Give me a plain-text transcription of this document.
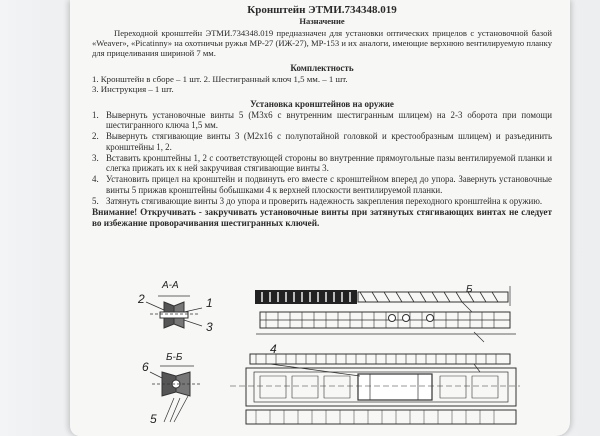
Кронштейн ЭТМИ.734348.019

Назначение

Переходной кронштейн ЭТМИ.734348.019 предназначен для установки оптических прицелов с установочной базой «Weaver», «Picatinny» на охотничьи ружья МР-27 (ИЖ-27), МР-153 и их аналоги, имеющие верхнюю вентилируемую планку для прицеливания шириной 7 мм.

Комплектность

1. Кронштейн в сборе – 1 шт. 2. Шестигранный ключ 1,5 мм. – 1 шт.

3. Инструкция – 1 шт.

Установка кронштейнов на оружие

1. Вывернуть установочные винты 5 (М3х6 с внутренним шестигранным шлицем) на 2-3 оборота при помощи шестигранного ключа 1,5 мм.
2. Вывернуть стягивающие винты 3 (М2х16 с полупотайной головкой и крестообразным шлицем) и разъединить кронштейны 1, 2.
3. Вставить кронштейны 1, 2 с соответствующей стороны во внутренние прямоугольные пазы вентилируемой планки и слегка прижать их к ней закручивая стягивающие винты 3.
4. Установить прицел на кронштейн и подвинуть его вместе с кронштейном вперед до упора. Завернуть установочные винты 5 прижав кронштейны бобышками 4 к верхней плоскости вентилируемой планки.
5. Затянуть стягивающие винты 3 до упора и проверить надежность закрепления переходного кронштейна к оружию.

Внимание! Откручивать - закручивать установочные винты при затянутых стягивающих винтах не следует во избежание проворачивания шестигранных ключей.

А-А
2	1
3
Б-Б
6
5
4
Б
